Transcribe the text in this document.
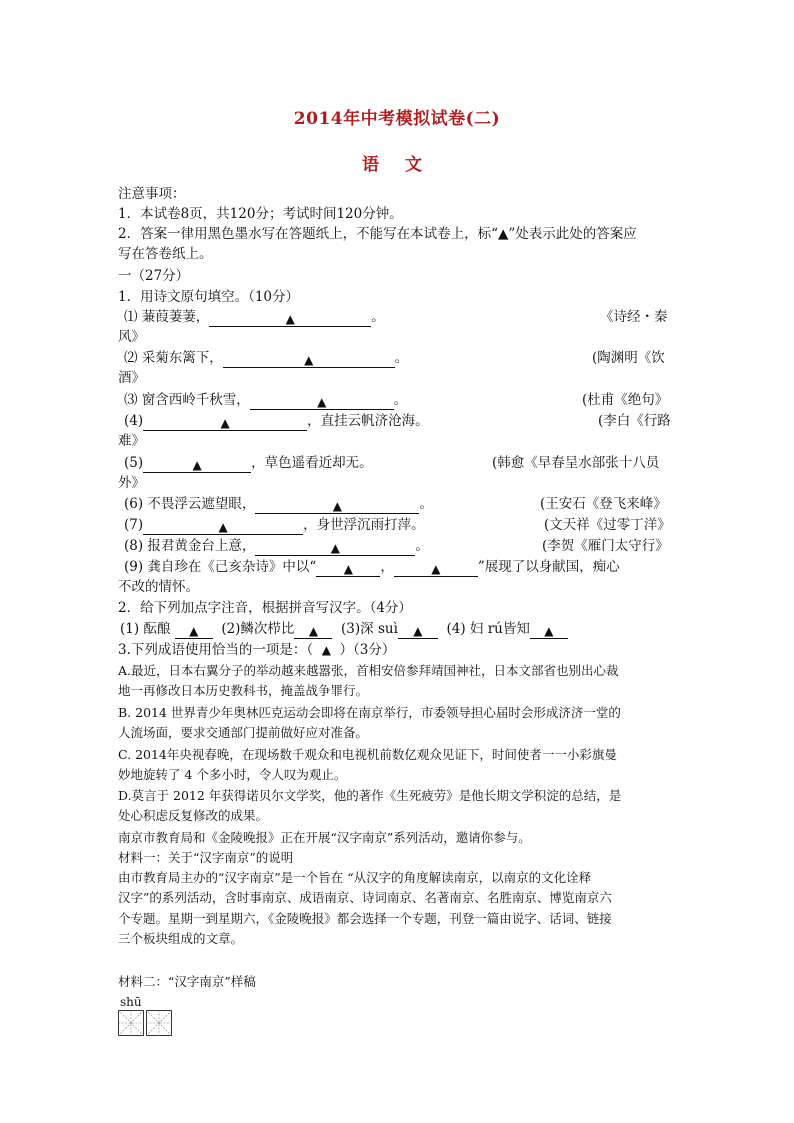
2014年中考模拟试卷(二)
语 文
注意事项：
1．本试卷8页，共120分；考试时间120分钟。
2．答案一律用黑色墨水写在答题纸上，不能写在本试卷上，标“▲”处表示此处的答案应
写在答卷纸上。
一（27分）
1．用诗文原句填空。（10分）
⑴ 蒹葭萋萋，	▲	。	《诗经・秦
风》
⑵ 采菊东篱下，	▲	。	(陶渊明《饮
酒》
⑶ 窗含西岭千秋雪，	▲	。	(杜甫《绝句》
(4)	▲	，直挂云帆济沧海。	(李白《行路
难》
(5)	▲	，草色遥看近却无。	(韩愈《早春呈水部张十八员
外》
(6) 不畏浮云遮望眼，	▲	。	(王安石《登飞来峰》
(7)	▲	，身世浮沉雨打萍。	(文天祥《过零丁洋》
(8) 报君黄金台上意，	▲	。	(李贺《雁门太守行》
(9) 龚自珍在《己亥杂诗》中以“ ▲ ，	▲	”展现了以身献国，痴心
不改的情怀。
2．给下列加点字注音，根据拼音写汉字。（4分）
(1) 酝酿 ▲ (2)鳞次栉比 ▲ (3)深 suì ▲ (4) 妇 rú皆知 ▲
3.下列成语使用恰当的一项是：（ ▲ ）（3分）
A.最近，日本右翼分子的举动越来越嚣张，首相安倍参拜靖国神社，日本文部省也别出心裁
地一再修改日本历史教科书，掩盖战争罪行。
B. 2014 世界青少年奥林匹克运动会即将在南京举行，市委领导担心届时会形成济济一堂的
人流场面，要求交通部门提前做好应对准备。
C. 2014年央视春晚，在现场数千观众和电视机前数亿观众见证下，时间使者一一小彩旗曼
妙地旋转了 4 个多小时，令人叹为观止。
D.莫言于 2012 年获得诺贝尔文学奖，他的著作《生死疲劳》是他长期文学积淀的总结，是
处心积虑反复修改的成果。
南京市教育局和《金陵晚报》正在开展“汉字南京”系列活动，邀请你参与。
材料一：关于“汉字南京”的说明
由市教育局主办的“汉字南京”是一个旨在 “从汉字的角度解读南京，以南京的文化诠释
汉字”的系列活动，含时事南京、成语南京、诗词南京、名著南京、名胜南京、博览南京六
个专题。星期一到星期六，《金陵晚报》都会选择一个专题，刊登一篇由说字、话词、链接
三个板块组成的文章。
材料二：“汉字南京”样稿
shū
